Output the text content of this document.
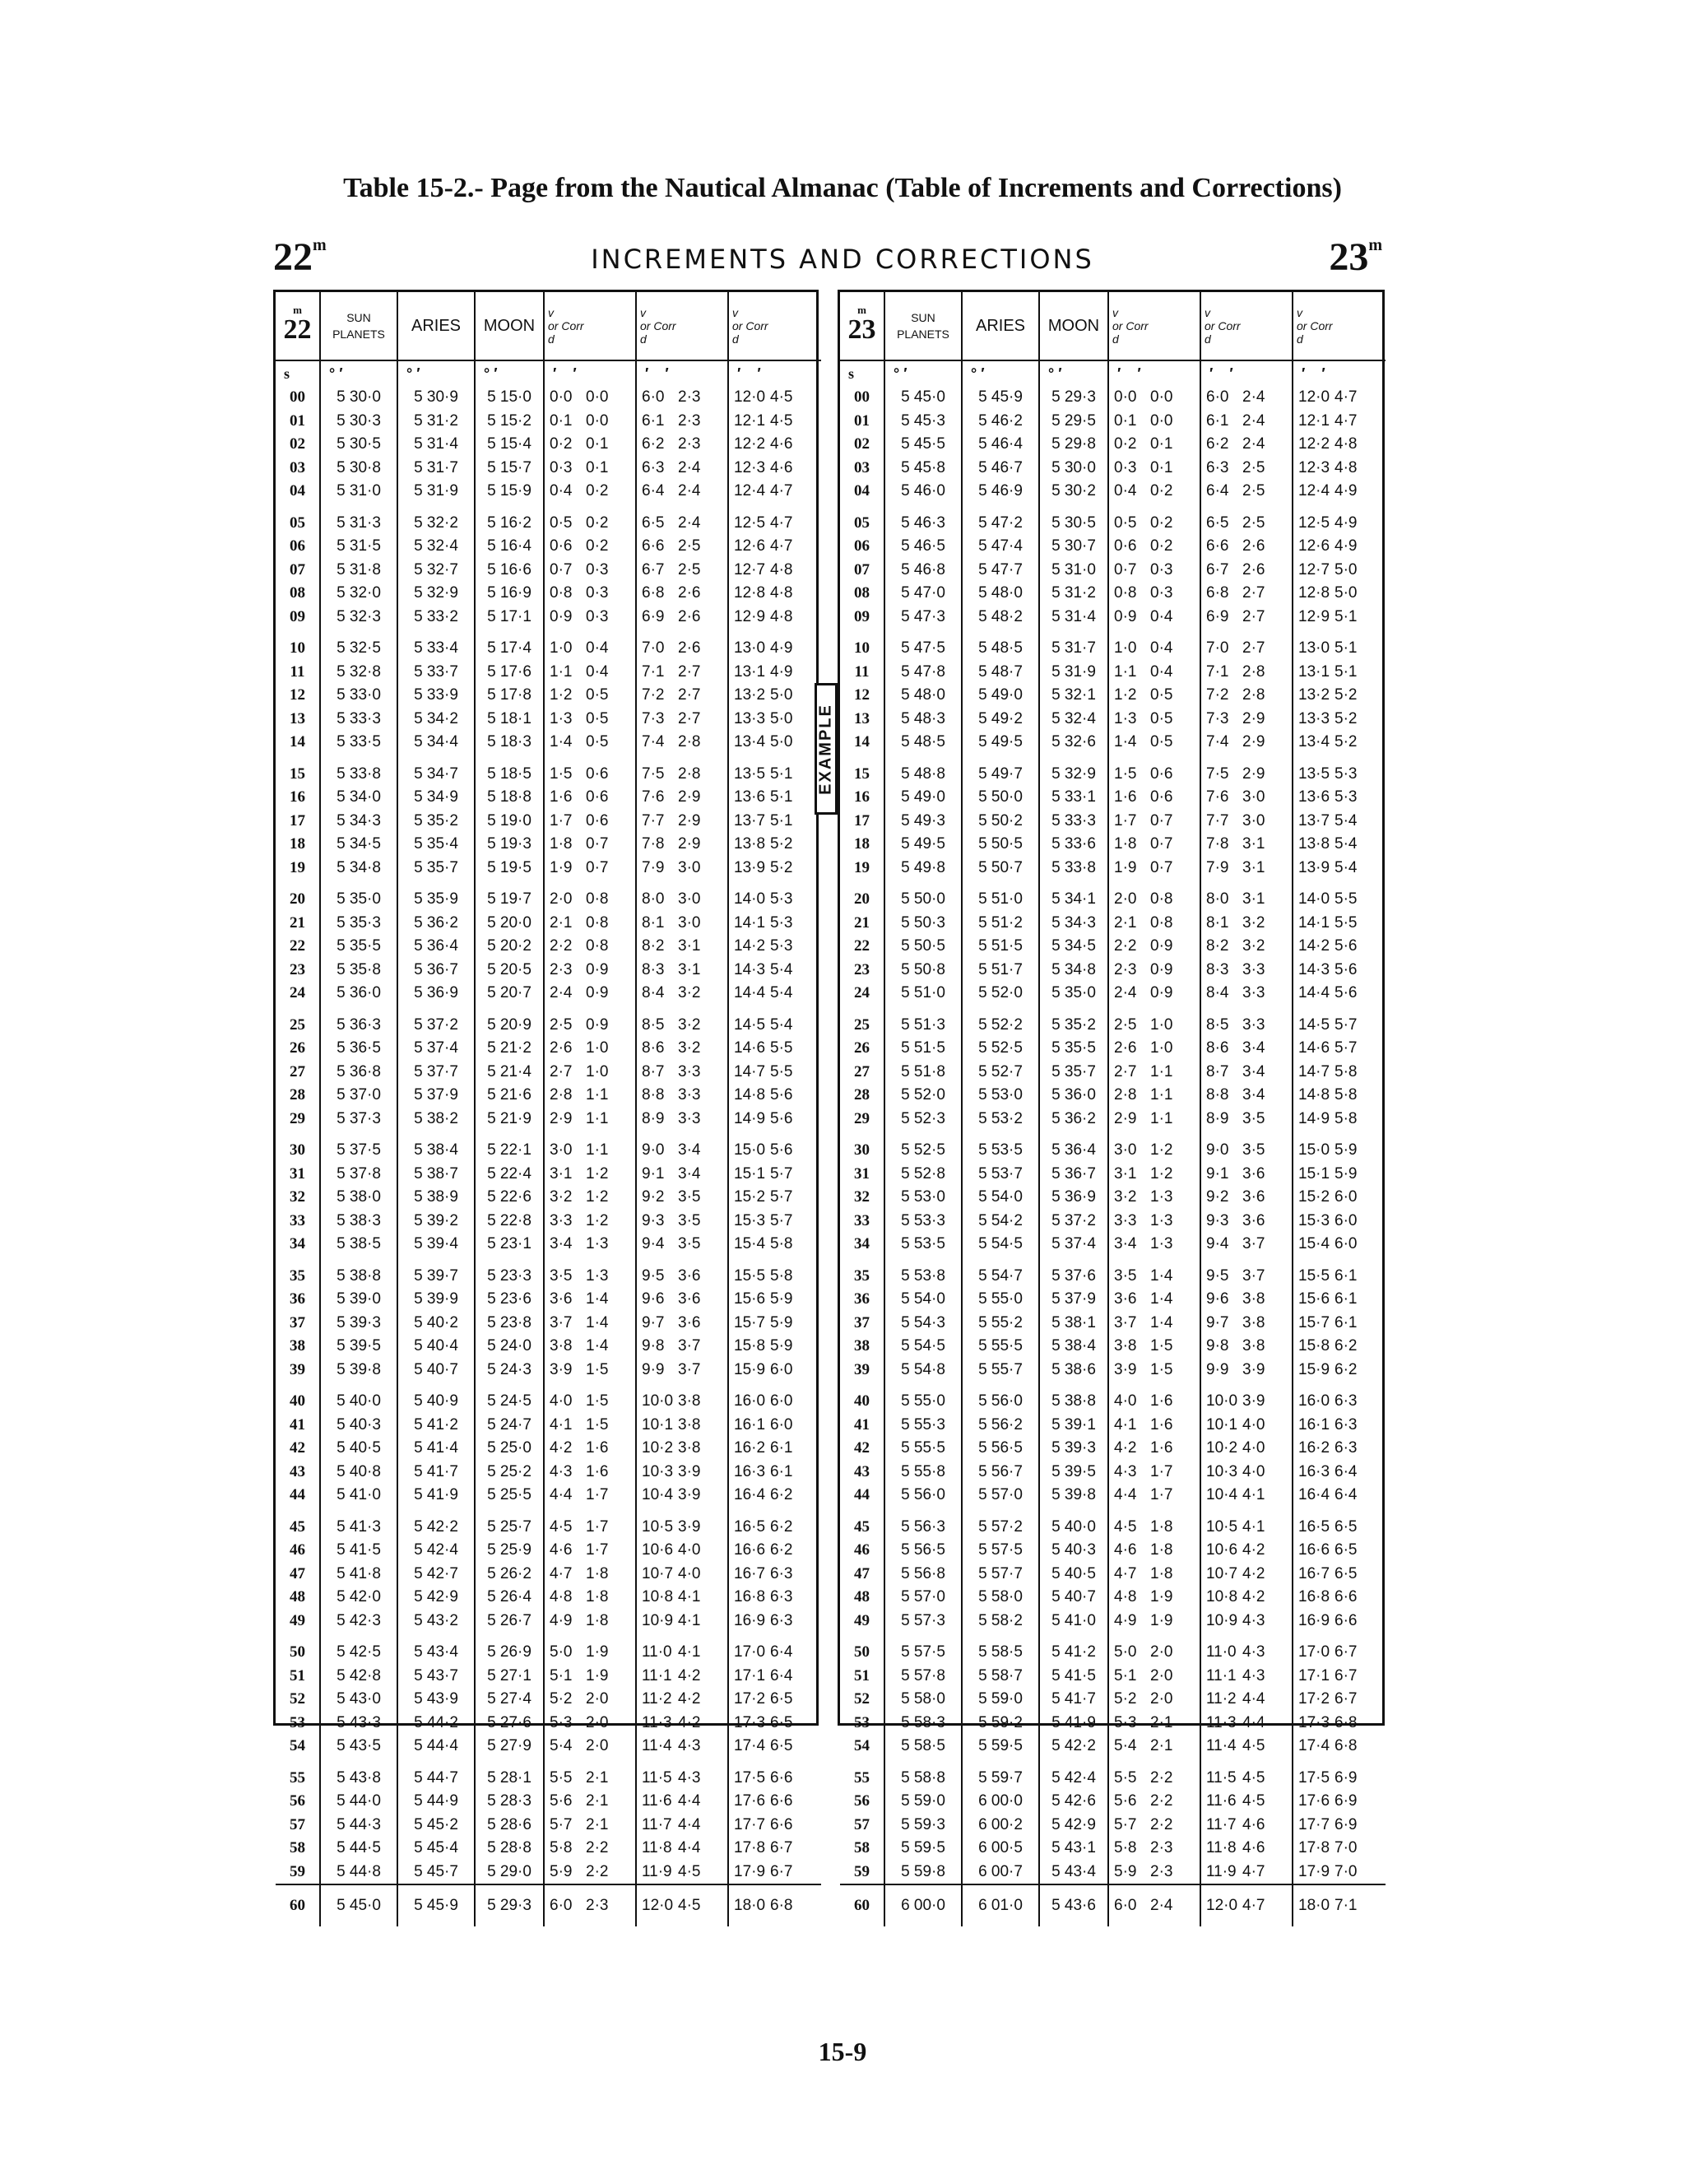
Table 15-2.- Page from the Nautical Almanac (Table of Increments and Corrections)
22$^m$	INCREMENTS AND CORRECTIONS	23$^m$
m
22	SUN
PLANETS	ARIES	MOON	v
or Corr
d	v
or Corr
d	v
or Corr
d
s	° ′	° ′	° ′	′    ′	′    ′	′    ′
00	5 30·0	5 30·9	5 15·0	0·0 0·0	6·0 2·3	12·0 4·5
01	5 30·3	5 31·2	5 15·2	0·1 0·0	6·1 2·3	12·1 4·5
02	5 30·5	5 31·4	5 15·4	0·2 0·1	6·2 2·3	12·2 4·6
03	5 30·8	5 31·7	5 15·7	0·3 0·1	6·3 2·4	12·3 4·6
04	5 31·0	5 31·9	5 15·9	0·4 0·2	6·4 2·4	12·4 4·7

05	5 31·3	5 32·2	5 16·2	0·5 0·2	6·5 2·4	12·5 4·7
06	5 31·5	5 32·4	5 16·4	0·6 0·2	6·6 2·5	12·6 4·7
07	5 31·8	5 32·7	5 16·6	0·7 0·3	6·7 2·5	12·7 4·8
08	5 32·0	5 32·9	5 16·9	0·8 0·3	6·8 2·6	12·8 4·8
09	5 32·3	5 33·2	5 17·1	0·9 0·3	6·9 2·6	12·9 4·8

10	5 32·5	5 33·4	5 17·4	1·0 0·4	7·0 2·6	13·0 4·9
11	5 32·8	5 33·7	5 17·6	1·1 0·4	7·1 2·7	13·1 4·9
12	5 33·0	5 33·9	5 17·8	1·2 0·5	7·2 2·7	13·2 5·0
13	5 33·3	5 34·2	5 18·1	1·3 0·5	7·3 2·7	13·3 5·0
14	5 33·5	5 34·4	5 18·3	1·4 0·5	7·4 2·8	13·4 5·0

15	5 33·8	5 34·7	5 18·5	1·5 0·6	7·5 2·8	13·5 5·1
16	5 34·0	5 34·9	5 18·8	1·6 0·6	7·6 2·9	13·6 5·1
17	5 34·3	5 35·2	5 19·0	1·7 0·6	7·7 2·9	13·7 5·1
18	5 34·5	5 35·4	5 19·3	1·8 0·7	7·8 2·9	13·8 5·2
19	5 34·8	5 35·7	5 19·5	1·9 0·7	7·9 3·0	13·9 5·2

20	5 35·0	5 35·9	5 19·7	2·0 0·8	8·0 3·0	14·0 5·3
21	5 35·3	5 36·2	5 20·0	2·1 0·8	8·1 3·0	14·1 5·3
22	5 35·5	5 36·4	5 20·2	2·2 0·8	8·2 3·1	14·2 5·3
23	5 35·8	5 36·7	5 20·5	2·3 0·9	8·3 3·1	14·3 5·4
24	5 36·0	5 36·9	5 20·7	2·4 0·9	8·4 3·2	14·4 5·4

25	5 36·3	5 37·2	5 20·9	2·5 0·9	8·5 3·2	14·5 5·4
26	5 36·5	5 37·4	5 21·2	2·6 1·0	8·6 3·2	14·6 5·5
27	5 36·8	5 37·7	5 21·4	2·7 1·0	8·7 3·3	14·7 5·5
28	5 37·0	5 37·9	5 21·6	2·8 1·1	8·8 3·3	14·8 5·6
29	5 37·3	5 38·2	5 21·9	2·9 1·1	8·9 3·3	14·9 5·6

30	5 37·5	5 38·4	5 22·1	3·0 1·1	9·0 3·4	15·0 5·6
31	5 37·8	5 38·7	5 22·4	3·1 1·2	9·1 3·4	15·1 5·7
32	5 38·0	5 38·9	5 22·6	3·2 1·2	9·2 3·5	15·2 5·7
33	5 38·3	5 39·2	5 22·8	3·3 1·2	9·3 3·5	15·3 5·7
34	5 38·5	5 39·4	5 23·1	3·4 1·3	9·4 3·5	15·4 5·8

35	5 38·8	5 39·7	5 23·3	3·5 1·3	9·5 3·6	15·5 5·8
36	5 39·0	5 39·9	5 23·6	3·6 1·4	9·6 3·6	15·6 5·9
37	5 39·3	5 40·2	5 23·8	3·7 1·4	9·7 3·6	15·7 5·9
38	5 39·5	5 40·4	5 24·0	3·8 1·4	9·8 3·7	15·8 5·9
39	5 39·8	5 40·7	5 24·3	3·9 1·5	9·9 3·7	15·9 6·0

40	5 40·0	5 40·9	5 24·5	4·0 1·5	10·0 3·8	16·0 6·0
41	5 40·3	5 41·2	5 24·7	4·1 1·5	10·1 3·8	16·1 6·0
42	5 40·5	5 41·4	5 25·0	4·2 1·6	10·2 3·8	16·2 6·1
43	5 40·8	5 41·7	5 25·2	4·3 1·6	10·3 3·9	16·3 6·1
44	5 41·0	5 41·9	5 25·5	4·4 1·7	10·4 3·9	16·4 6·2

45	5 41·3	5 42·2	5 25·7	4·5 1·7	10·5 3·9	16·5 6·2
46	5 41·5	5 42·4	5 25·9	4·6 1·7	10·6 4·0	16·6 6·2
47	5 41·8	5 42·7	5 26·2	4·7 1·8	10·7 4·0	16·7 6·3
48	5 42·0	5 42·9	5 26·4	4·8 1·8	10·8 4·1	16·8 6·3
49	5 42·3	5 43·2	5 26·7	4·9 1·8	10·9 4·1	16·9 6·3

50	5 42·5	5 43·4	5 26·9	5·0 1·9	11·0 4·1	17·0 6·4
51	5 42·8	5 43·7	5 27·1	5·1 1·9	11·1 4·2	17·1 6·4
52	5 43·0	5 43·9	5 27·4	5·2 2·0	11·2 4·2	17·2 6·5
53	5 43·3	5 44·2	5 27·6	5·3 2·0	11·3 4·2	17·3 6·5
54	5 43·5	5 44·4	5 27·9	5·4 2·0	11·4 4·3	17·4 6·5

55	5 43·8	5 44·7	5 28·1	5·5 2·1	11·5 4·3	17·5 6·6
56	5 44·0	5 44·9	5 28·3	5·6 2·1	11·6 4·4	17·6 6·6
57	5 44·3	5 45·2	5 28·6	5·7 2·1	11·7 4·4	17·7 6·6
58	5 44·5	5 45·4	5 28·8	5·8 2·2	11·8 4·4	17·8 6·7
59	5 44·8	5 45·7	5 29·0	5·9 2·2	11·9 4·5	17·9 6·7
60	5 45·0	5 45·9	5 29·3	6·0 2·3	12·0 4·5	18·0 6·8
m
23	SUN
PLANETS	ARIES	MOON	v
or Corr
d	v
or Corr
d	v
or Corr
d
s	° ′	° ′	° ′	′    ′	′    ′	′    ′
00	5 45·0	5 45·9	5 29·3	0·0 0·0	6·0 2·4	12·0 4·7
01	5 45·3	5 46·2	5 29·5	0·1 0·0	6·1 2·4	12·1 4·7
02	5 45·5	5 46·4	5 29·8	0·2 0·1	6·2 2·4	12·2 4·8
03	5 45·8	5 46·7	5 30·0	0·3 0·1	6·3 2·5	12·3 4·8
04	5 46·0	5 46·9	5 30·2	0·4 0·2	6·4 2·5	12·4 4·9

05	5 46·3	5 47·2	5 30·5	0·5 0·2	6·5 2·5	12·5 4·9
06	5 46·5	5 47·4	5 30·7	0·6 0·2	6·6 2·6	12·6 4·9
07	5 46·8	5 47·7	5 31·0	0·7 0·3	6·7 2·6	12·7 5·0
08	5 47·0	5 48·0	5 31·2	0·8 0·3	6·8 2·7	12·8 5·0
09	5 47·3	5 48·2	5 31·4	0·9 0·4	6·9 2·7	12·9 5·1

10	5 47·5	5 48·5	5 31·7	1·0 0·4	7·0 2·7	13·0 5·1
11	5 47·8	5 48·7	5 31·9	1·1 0·4	7·1 2·8	13·1 5·1
12	5 48·0	5 49·0	5 32·1	1·2 0·5	7·2 2·8	13·2 5·2
13	5 48·3	5 49·2	5 32·4	1·3 0·5	7·3 2·9	13·3 5·2
14	5 48·5	5 49·5	5 32·6	1·4 0·5	7·4 2·9	13·4 5·2

15	5 48·8	5 49·7	5 32·9	1·5 0·6	7·5 2·9	13·5 5·3
16	5 49·0	5 50·0	5 33·1	1·6 0·6	7·6 3·0	13·6 5·3
17	5 49·3	5 50·2	5 33·3	1·7 0·7	7·7 3·0	13·7 5·4
18	5 49·5	5 50·5	5 33·6	1·8 0·7	7·8 3·1	13·8 5·4
19	5 49·8	5 50·7	5 33·8	1·9 0·7	7·9 3·1	13·9 5·4

20	5 50·0	5 51·0	5 34·1	2·0 0·8	8·0 3·1	14·0 5·5
21	5 50·3	5 51·2	5 34·3	2·1 0·8	8·1 3·2	14·1 5·5
22	5 50·5	5 51·5	5 34·5	2·2 0·9	8·2 3·2	14·2 5·6
23	5 50·8	5 51·7	5 34·8	2·3 0·9	8·3 3·3	14·3 5·6
24	5 51·0	5 52·0	5 35·0	2·4 0·9	8·4 3·3	14·4 5·6

25	5 51·3	5 52·2	5 35·2	2·5 1·0	8·5 3·3	14·5 5·7
26	5 51·5	5 52·5	5 35·5	2·6 1·0	8·6 3·4	14·6 5·7
27	5 51·8	5 52·7	5 35·7	2·7 1·1	8·7 3·4	14·7 5·8
28	5 52·0	5 53·0	5 36·0	2·8 1·1	8·8 3·4	14·8 5·8
29	5 52·3	5 53·2	5 36·2	2·9 1·1	8·9 3·5	14·9 5·8

30	5 52·5	5 53·5	5 36·4	3·0 1·2	9·0 3·5	15·0 5·9
31	5 52·8	5 53·7	5 36·7	3·1 1·2	9·1 3·6	15·1 5·9
32	5 53·0	5 54·0	5 36·9	3·2 1·3	9·2 3·6	15·2 6·0
33	5 53·3	5 54·2	5 37·2	3·3 1·3	9·3 3·6	15·3 6·0
34	5 53·5	5 54·5	5 37·4	3·4 1·3	9·4 3·7	15·4 6·0

35	5 53·8	5 54·7	5 37·6	3·5 1·4	9·5 3·7	15·5 6·1
36	5 54·0	5 55·0	5 37·9	3·6 1·4	9·6 3·8	15·6 6·1
37	5 54·3	5 55·2	5 38·1	3·7 1·4	9·7 3·8	15·7 6·1
38	5 54·5	5 55·5	5 38·4	3·8 1·5	9·8 3·8	15·8 6·2
39	5 54·8	5 55·7	5 38·6	3·9 1·5	9·9 3·9	15·9 6·2

40	5 55·0	5 56·0	5 38·8	4·0 1·6	10·0 3·9	16·0 6·3
41	5 55·3	5 56·2	5 39·1	4·1 1·6	10·1 4·0	16·1 6·3
42	5 55·5	5 56·5	5 39·3	4·2 1·6	10·2 4·0	16·2 6·3
43	5 55·8	5 56·7	5 39·5	4·3 1·7	10·3 4·0	16·3 6·4
44	5 56·0	5 57·0	5 39·8	4·4 1·7	10·4 4·1	16·4 6·4

45	5 56·3	5 57·2	5 40·0	4·5 1·8	10·5 4·1	16·5 6·5
46	5 56·5	5 57·5	5 40·3	4·6 1·8	10·6 4·2	16·6 6·5
47	5 56·8	5 57·7	5 40·5	4·7 1·8	10·7 4·2	16·7 6·5
48	5 57·0	5 58·0	5 40·7	4·8 1·9	10·8 4·2	16·8 6·6
49	5 57·3	5 58·2	5 41·0	4·9 1·9	10·9 4·3	16·9 6·6

50	5 57·5	5 58·5	5 41·2	5·0 2·0	11·0 4·3	17·0 6·7
51	5 57·8	5 58·7	5 41·5	5·1 2·0	11·1 4·3	17·1 6·7
52	5 58·0	5 59·0	5 41·7	5·2 2·0	11·2 4·4	17·2 6·7
53	5 58·3	5 59·2	5 41·9	5·3 2·1	11·3 4·4	17·3 6·8
54	5 58·5	5 59·5	5 42·2	5·4 2·1	11·4 4·5	17·4 6·8

55	5 58·8	5 59·7	5 42·4	5·5 2·2	11·5 4·5	17·5 6·9
56	5 59·0	6 00·0	5 42·6	5·6 2·2	11·6 4·5	17·6 6·9
57	5 59·3	6 00·2	5 42·9	5·7 2·2	11·7 4·6	17·7 6·9
58	5 59·5	6 00·5	5 43·1	5·8 2·3	11·8 4·6	17·8 7·0
59	5 59·8	6 00·7	5 43·4	5·9 2·3	11·9 4·7	17·9 7·0
60	6 00·0	6 01·0	5 43·6	6·0 2·4	12·0 4·7	18·0 7·1
EXAMPLE
15-9
